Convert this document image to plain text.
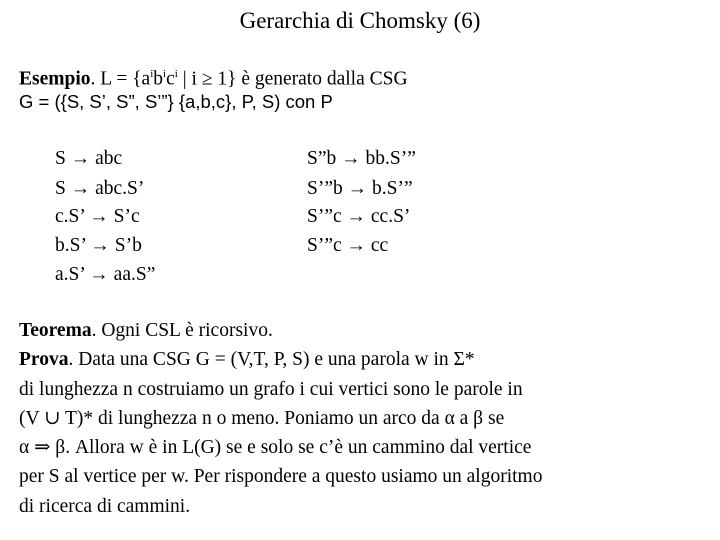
Gerarchia di Chomsky (6)
Esempio. $L = \{a^ib^ic^i$ | i ≥ 1} è generato dalla CSG
G = ({S, S’, S”, S’”} {a,b,c}, P, S) con P
S → abc
S → abc.S’
c.S’ → S’c
b.S’ → S’b
a.S’ → aa.S”
S”b → bb.S’”
S’”b → b.S’”
S’”c → cc.S’
S’”c → cc
Teorema. Ogni CSL è ricorsivo.
Prova. Data una CSG G = (V,T, P, S) e una parola w in Σ*
di lunghezza n costruiamo un grafo i cui vertici sono le parole in
(V ∪ T)* di lunghezza n o meno. Poniamo un arco da α a β se
α ⇒ β. Allora w è in L(G) se e solo se c’è un cammino dal vertice
per S al vertice per w. Per rispondere a questo usiamo un algoritmo
di ricerca di cammini.
